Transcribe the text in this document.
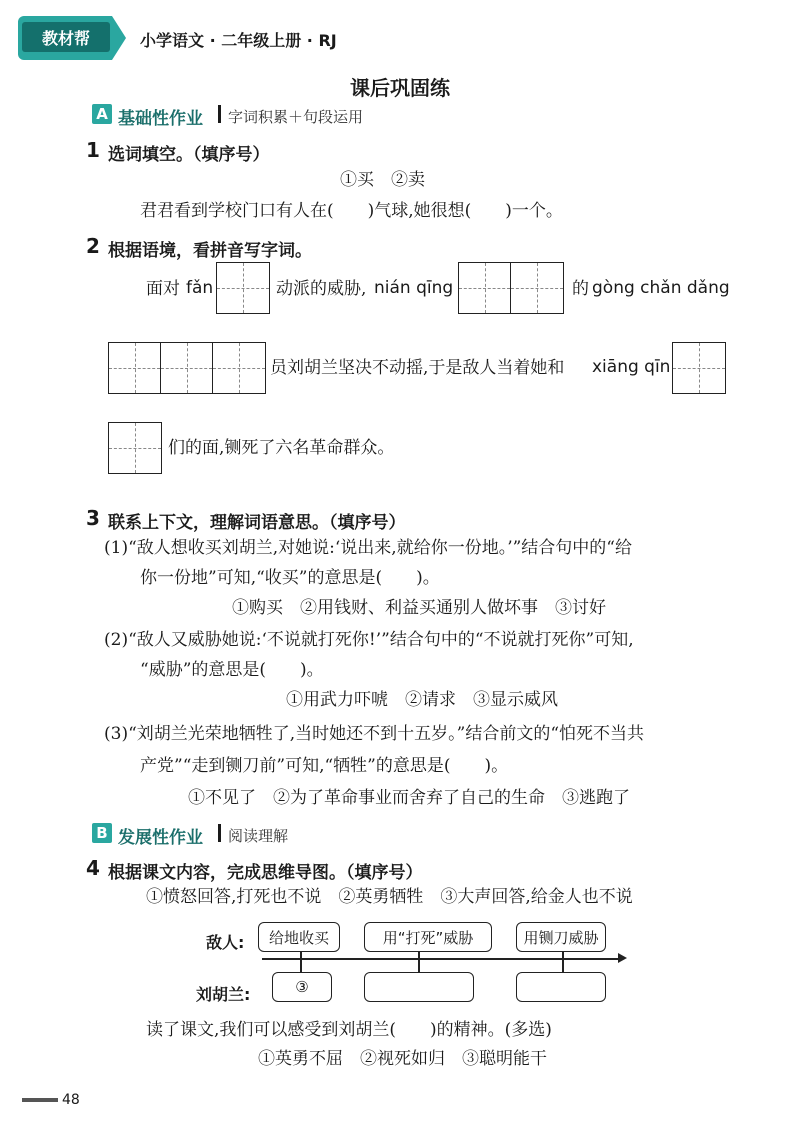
教材帮	小学语文 · 二年级上册 · RJ
课后巩固练
A 基础性作业 字词积累＋句段运用
1 选词填空。（填序号）
①买　②卖
君君看到学校门口有人在(　　)气球,她很想(　　)一个。
2 根据语境，看拼音写字词。
面对 fǎn	动派的威胁, nián qīng	的 gòng chǎn dǎng
员刘胡兰坚决不动摇,于是敌人当着她和 xiāng qīn
们的面,铡死了六名革命群众。
3 联系上下文，理解词语意思。（填序号）
(1)“敌人想收买刘胡兰,对她说:‘说出来,就给你一份地。’”结合句中的“给
你一份地”可知,“收买”的意思是(　　)。
①购买　②用钱财、利益买通别人做坏事　③讨好
(2)“敌人又威胁她说:‘不说就打死你!’”结合句中的“不说就打死你”可知,
“威胁”的意思是(　　)。
①用武力吓唬　②请求　③显示威风
(3)“刘胡兰光荣地牺牲了,当时她还不到十五岁。”结合前文的“怕死不当共
产党”“走到铡刀前”可知,“牺牲”的意思是(　　)。
①不见了　②为了革命事业而舍弃了自己的生命　③逃跑了
B 发展性作业 阅读理解
4 根据课文内容，完成思维导图。（填序号）
①愤怒回答,打死也不说　②英勇牺牲　③大声回答,给金人也不说
敌人:
刘胡兰:
给地收买	用“打死”威胁	用铡刀威胁
③
读了课文,我们可以感受到刘胡兰(　　)的精神。(多选)
①英勇不屈　②视死如归　③聪明能干
48
